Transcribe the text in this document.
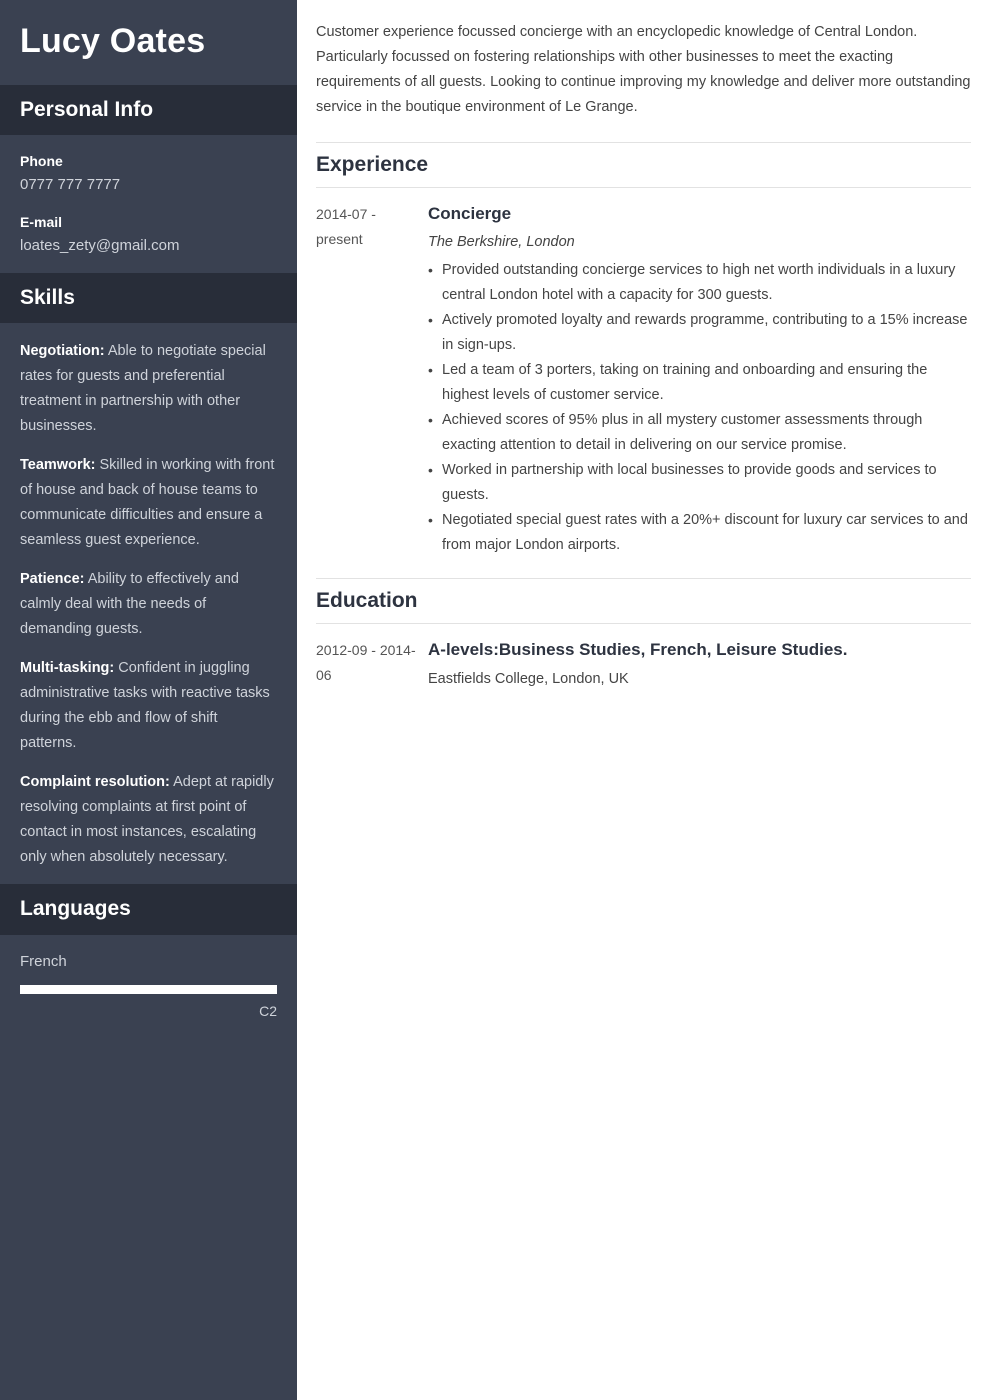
Lucy Oates
Personal Info
Phone
0777 777 7777
E-mail
loates_zety@gmail.com
Skills

Negotiation: Able to negotiate special rates for guests and preferential treatment in partnership with other businesses.

Teamwork: Skilled in working with front of house and back of house teams to communicate difficulties and ensure a seamless guest experience.

Patience: Ability to effectively and calmly deal with the needs of demanding guests.

Multi-tasking: Confident in juggling administrative tasks with reactive tasks during the ebb and flow of shift patterns.

Complaint resolution: Adept at rapidly resolving complaints at first point of contact in most instances, escalating only when absolutely necessary.

Languages
French
C2

Customer experience focussed concierge with an encyclopedic knowledge of Central London. Particularly focussed on fostering relationships with other businesses to meet the exacting requirements of all guests. Looking to continue improving my knowledge and deliver more outstanding service in the boutique environment of Le Grange.

Experience
2014-07 - present
Concierge
The Berkshire, London
• Provided outstanding concierge services to high net worth individuals in a luxury central London hotel with a capacity for 300 guests.
• Actively promoted loyalty and rewards programme, contributing to a 15% increase in sign-ups.
• Led a team of 3 porters, taking on training and onboarding and ensuring the highest levels of customer service.
• Achieved scores of 95% plus in all mystery customer assessments through exacting attention to detail in delivering on our service promise.
• Worked in partnership with local businesses to provide goods and services to guests.
• Negotiated special guest rates with a 20%+ discount for luxury car services to and from major London airports.
Education
2012-09 - 2014-06
A-levels:Business Studies, French, Leisure Studies.
Eastfields College, London, UK
